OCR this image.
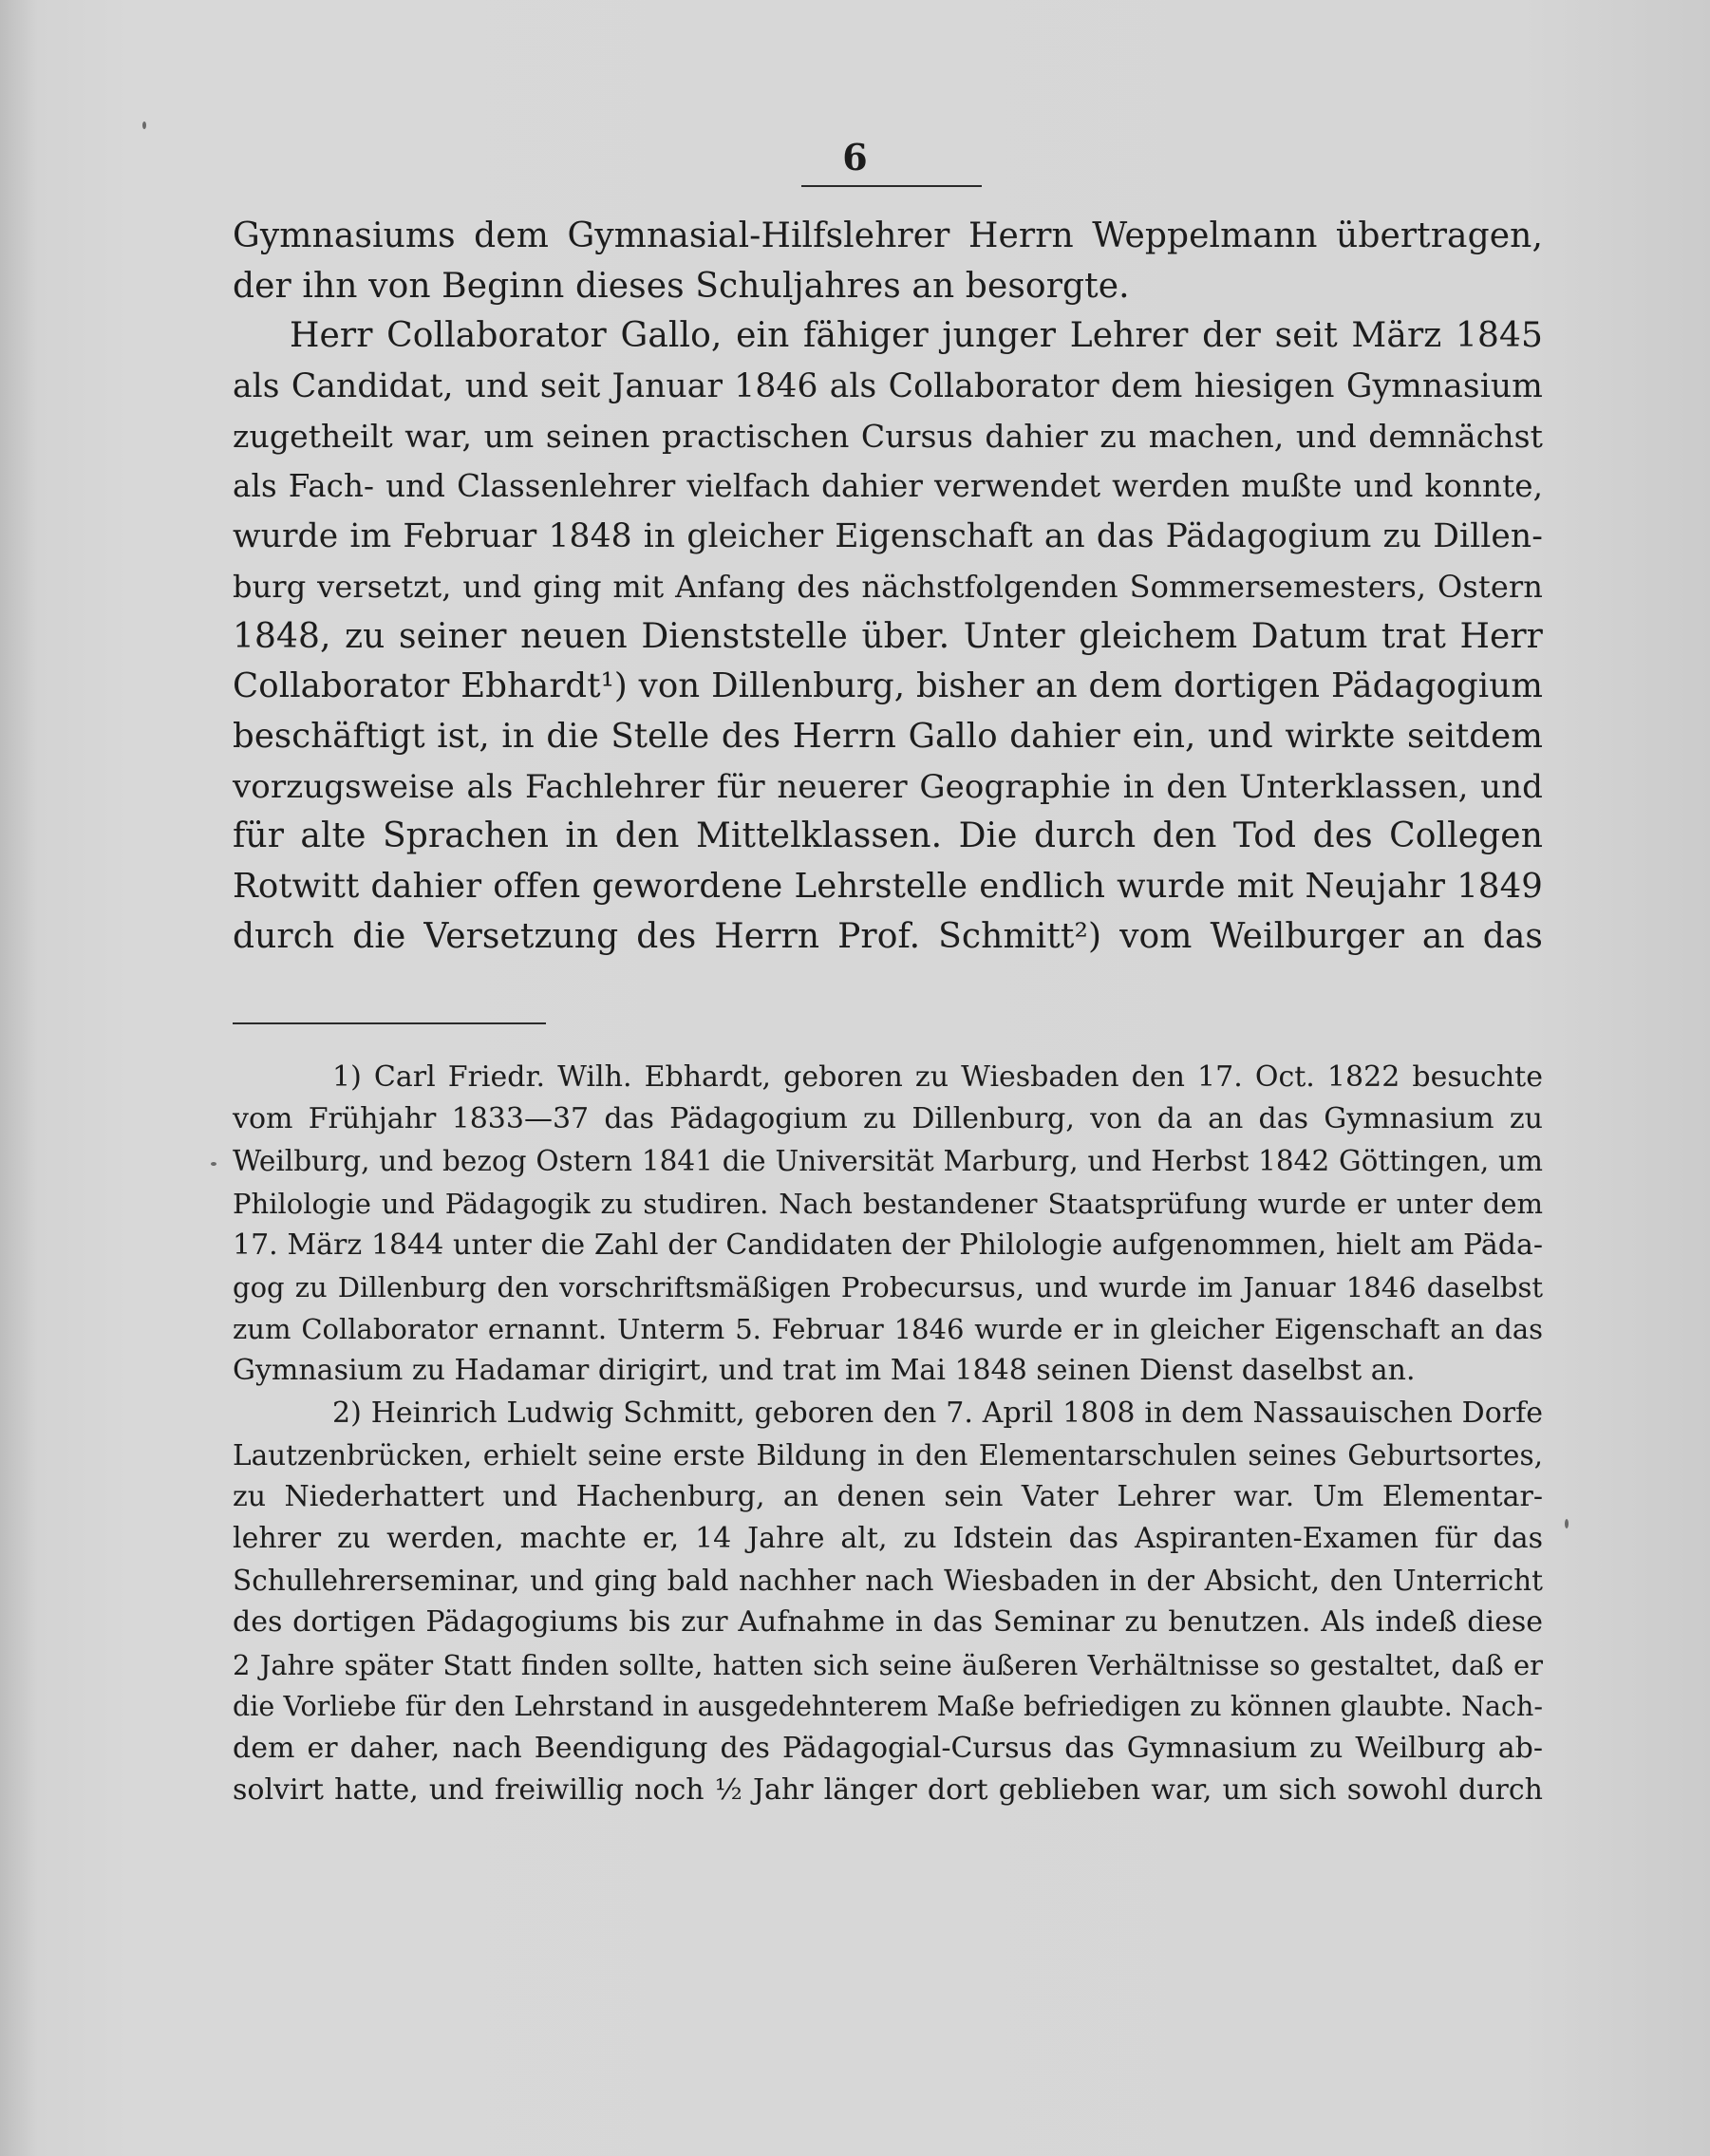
6
Gymnasiums dem Gymnasial-Hilfslehrer Herrn Weppelmann übertragen,
der ihn von Beginn dieses Schuljahres an besorgte.
Herr Collaborator Gallo, ein fähiger junger Lehrer der seit März 1845
als Candidat, und seit Januar 1846 als Collaborator dem hiesigen Gymnasium
zugetheilt war, um seinen practischen Cursus dahier zu machen, und demnächst
als Fach- und Classenlehrer vielfach dahier verwendet werden mußte und konnte,
wurde im Februar 1848 in gleicher Eigenschaft an das Pädagogium zu Dillen-
burg versetzt, und ging mit Anfang des nächstfolgenden Sommersemesters, Ostern
1848, zu seiner neuen Dienststelle über. Unter gleichem Datum trat Herr
Collaborator Ebhardt¹) von Dillenburg, bisher an dem dortigen Pädagogium
beschäftigt ist, in die Stelle des Herrn Gallo dahier ein, und wirkte seitdem
vorzugsweise als Fachlehrer für neuerer Geographie in den Unterklassen, und
für alte Sprachen in den Mittelklassen. Die durch den Tod des Collegen
Rotwitt dahier offen gewordene Lehrstelle endlich wurde mit Neujahr 1849
durch die Versetzung des Herrn Prof. Schmitt²) vom Weilburger an das
1) Carl Friedr. Wilh. Ebhardt, geboren zu Wiesbaden den 17. Oct. 1822 besuchte
vom Frühjahr 1833—37 das Pädagogium zu Dillenburg, von da an das Gymnasium zu
Weilburg, und bezog Ostern 1841 die Universität Marburg, und Herbst 1842 Göttingen, um
Philologie und Pädagogik zu studiren. Nach bestandener Staatsprüfung wurde er unter dem
17. März 1844 unter die Zahl der Candidaten der Philologie aufgenommen, hielt am Päda-
gog zu Dillenburg den vorschriftsmäßigen Probecursus, und wurde im Januar 1846 daselbst
zum Collaborator ernannt. Unterm 5. Februar 1846 wurde er in gleicher Eigenschaft an das
Gymnasium zu Hadamar dirigirt, und trat im Mai 1848 seinen Dienst daselbst an.
2) Heinrich Ludwig Schmitt, geboren den 7. April 1808 in dem Nassauischen Dorfe
Lautzenbrücken, erhielt seine erste Bildung in den Elementarschulen seines Geburtsortes,
zu Niederhattert und Hachenburg, an denen sein Vater Lehrer war. Um Elementar-
lehrer zu werden, machte er, 14 Jahre alt, zu Idstein das Aspiranten-Examen für das
Schullehrerseminar, und ging bald nachher nach Wiesbaden in der Absicht, den Unterricht
des dortigen Pädagogiums bis zur Aufnahme in das Seminar zu benutzen. Als indeß diese
2 Jahre später Statt finden sollte, hatten sich seine äußeren Verhältnisse so gestaltet, daß er
die Vorliebe für den Lehrstand in ausgedehnterem Maße befriedigen zu können glaubte. Nach-
dem er daher, nach Beendigung des Pädagogial-Cursus das Gymnasium zu Weilburg ab-
solvirt hatte, und freiwillig noch ½ Jahr länger dort geblieben war, um sich sowohl durch
